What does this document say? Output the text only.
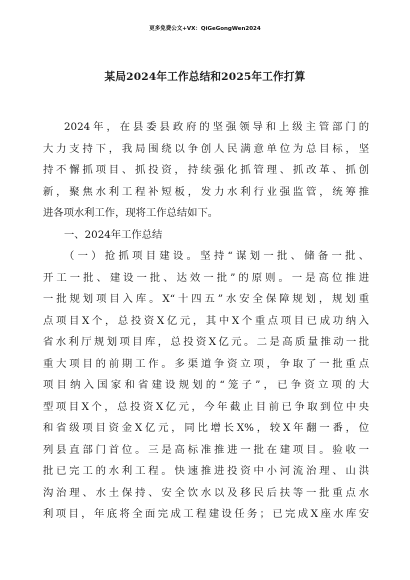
更多免费公文+VX：QiGeGongWen2024
某局2024年工作总结和2025年工作打算
2024年，在县委县政府的坚强领导和上级主管部门的
大力支持下，我局围绕以争创人民满意单位为总目标，坚
持不懈抓项目、抓投资，持续强化抓管理、抓改革、抓创
新，聚焦水利工程补短板，发力水利行业强监管，统筹推
进各项水利工作，现将工作总结如下。
一、2024年工作总结
（一）抢抓项目建设。坚持“谋划一批、储备一批、
开工一批、建设一批、达效一批”的原则。一是高位推进
一批规划项目入库。X“十四五”水安全保障规划，规划重
点项目X个，总投资X亿元，其中X个重点项目已成功纳入
省水利厅规划项目库，总投资X亿元。二是高质量推动一批
重大项目的前期工作。多渠道争资立项，争取了一批重点
项目纳入国家和省建设规划的“笼子”，已争资立项的大
型项目X个，总投资X亿元，今年截止目前已争取到位中央
和省级项目资金X亿元，同比增长X%，较X年翻一番，位
列县直部门首位。三是高标准推进一批在建项目。验收一
批已完工的水利工程。快速推进投资中小河流治理、山洪
沟治理、水土保持、安全饮水以及移民后扶等一批重点水
利项目，年底将全面完成工程建设任务；已完成X座水库安
